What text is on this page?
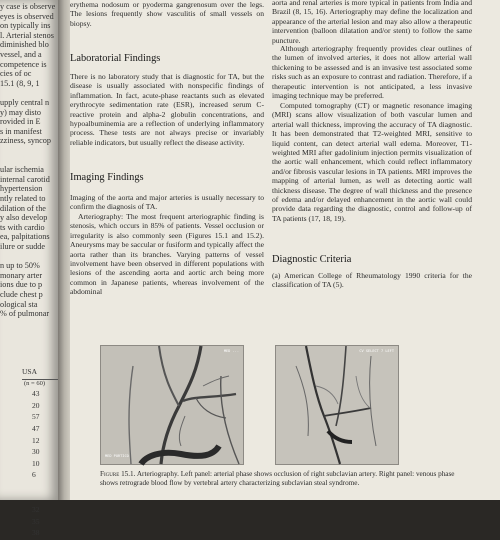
y case is observe
eyes is observed
on typically ins
l. Arterial stenos
diminished blo
vessel, and a
competence is
cies of oc
15.1 (8, 9, 1
upply central n
y) may disto
rovided in E
s in manifest
zziness, syncop
ular ischemia
internal carotid
hypertension
ntly related to
dilation of the
y also develop
ts with cardio
ea, palpitations
ilure or sudde
n up to 50%
monary arter
ions due to p
clude chest p
ological sta
% of pulmonar
USA
(n = 60)
43
20
57
47
12
30
10
6
32
35
38

erythema nodosum or pyoderma gangrenosum over the legs. The lesions frequently show vasculitis of small vessels on biopsy.

Laboratorial Findings

There is no laboratory study that is diagnostic for TA, but the disease is usually associated with nonspecific findings of inflammation. In fact, acute-phase reactants such as elevated erythrocyte sedimentation rate (ESR), increased serum C-reactive protein and alpha-2 globulin concentrations, and hypoalbuminemia are a reflection of underlying inflammatory process. These tests are not always precise or invariably reliable indicators, but usually reflect the disease activity.

Imaging Findings

Imaging of the aorta and major arteries is usually necessary to confirm the diagnosis of TA.

Arteriography: The most frequent arteriographic finding is stenosis, which occurs in 85% of patients. Vessel occlusion or irregularity is also commonly seen (Figures 15.1 and 15.2). Aneurysms may be saccular or fusiform and typically affect the aorta rather than its branches. Varying patterns of vessel involvement have been observed in different populations with lesions of the ascending aorta and aortic arch being more common in Japanese patients, whereas involvement of the abdominal

aorta and renal arteries is more typical in patients from India and Brazil (8, 15, 16). Arteriography may define the localization and appearance of the arterial lesion and may also allow a therapeutic intervention (balloon dilatation and/or stent) to follow the same puncture.

Although arteriography frequently provides clear outlines of the lumen of involved arteries, it does not allow arterial wall thickening to be assessed and is an invasive test associated some risks such as an exposure to contrast and radiation. Therefore, if a therapeutic intervention is not anticipated, a less invasive imaging technique may be preferred.

Computed tomography (CT) or magnetic resonance imaging (MRI) scans allow visualization of both vascular lumen and arterial wall thickness, improving the accuracy of TA diagnostic. It has been demonstrated that T2-weighted MRI, sensitive to liquid content, can detect arterial wall edema. Moreover, T1-weighted MRI after gadolinium injection permits visualization of the aortic wall enhancement, which could reflect inflammatory and/or fibrosis vascular lesions in TA patients. MRI improves the mapping of arterial lumen, as well as detecting aortic wall thickness disease. The degree of wall thickness and the presence of edema and/or delayed enhancement in the aortic wall could provide data regarding the diagnostic, control and follow-up of TA patients (17, 18, 19).

Diagnostic Criteria

(a) American College of Rheumatology 1990 criteria for the classification of TA (5).

MED PORTICO
MED ...	CV SELECT 7 LEFT
Figure 15.1. Arteriography. Left panel: arterial phase shows occlusion of right subclavian artery. Right panel: venous phase shows retrograde blood flow by vertebral artery characterizing subclavian steal syndrome.
